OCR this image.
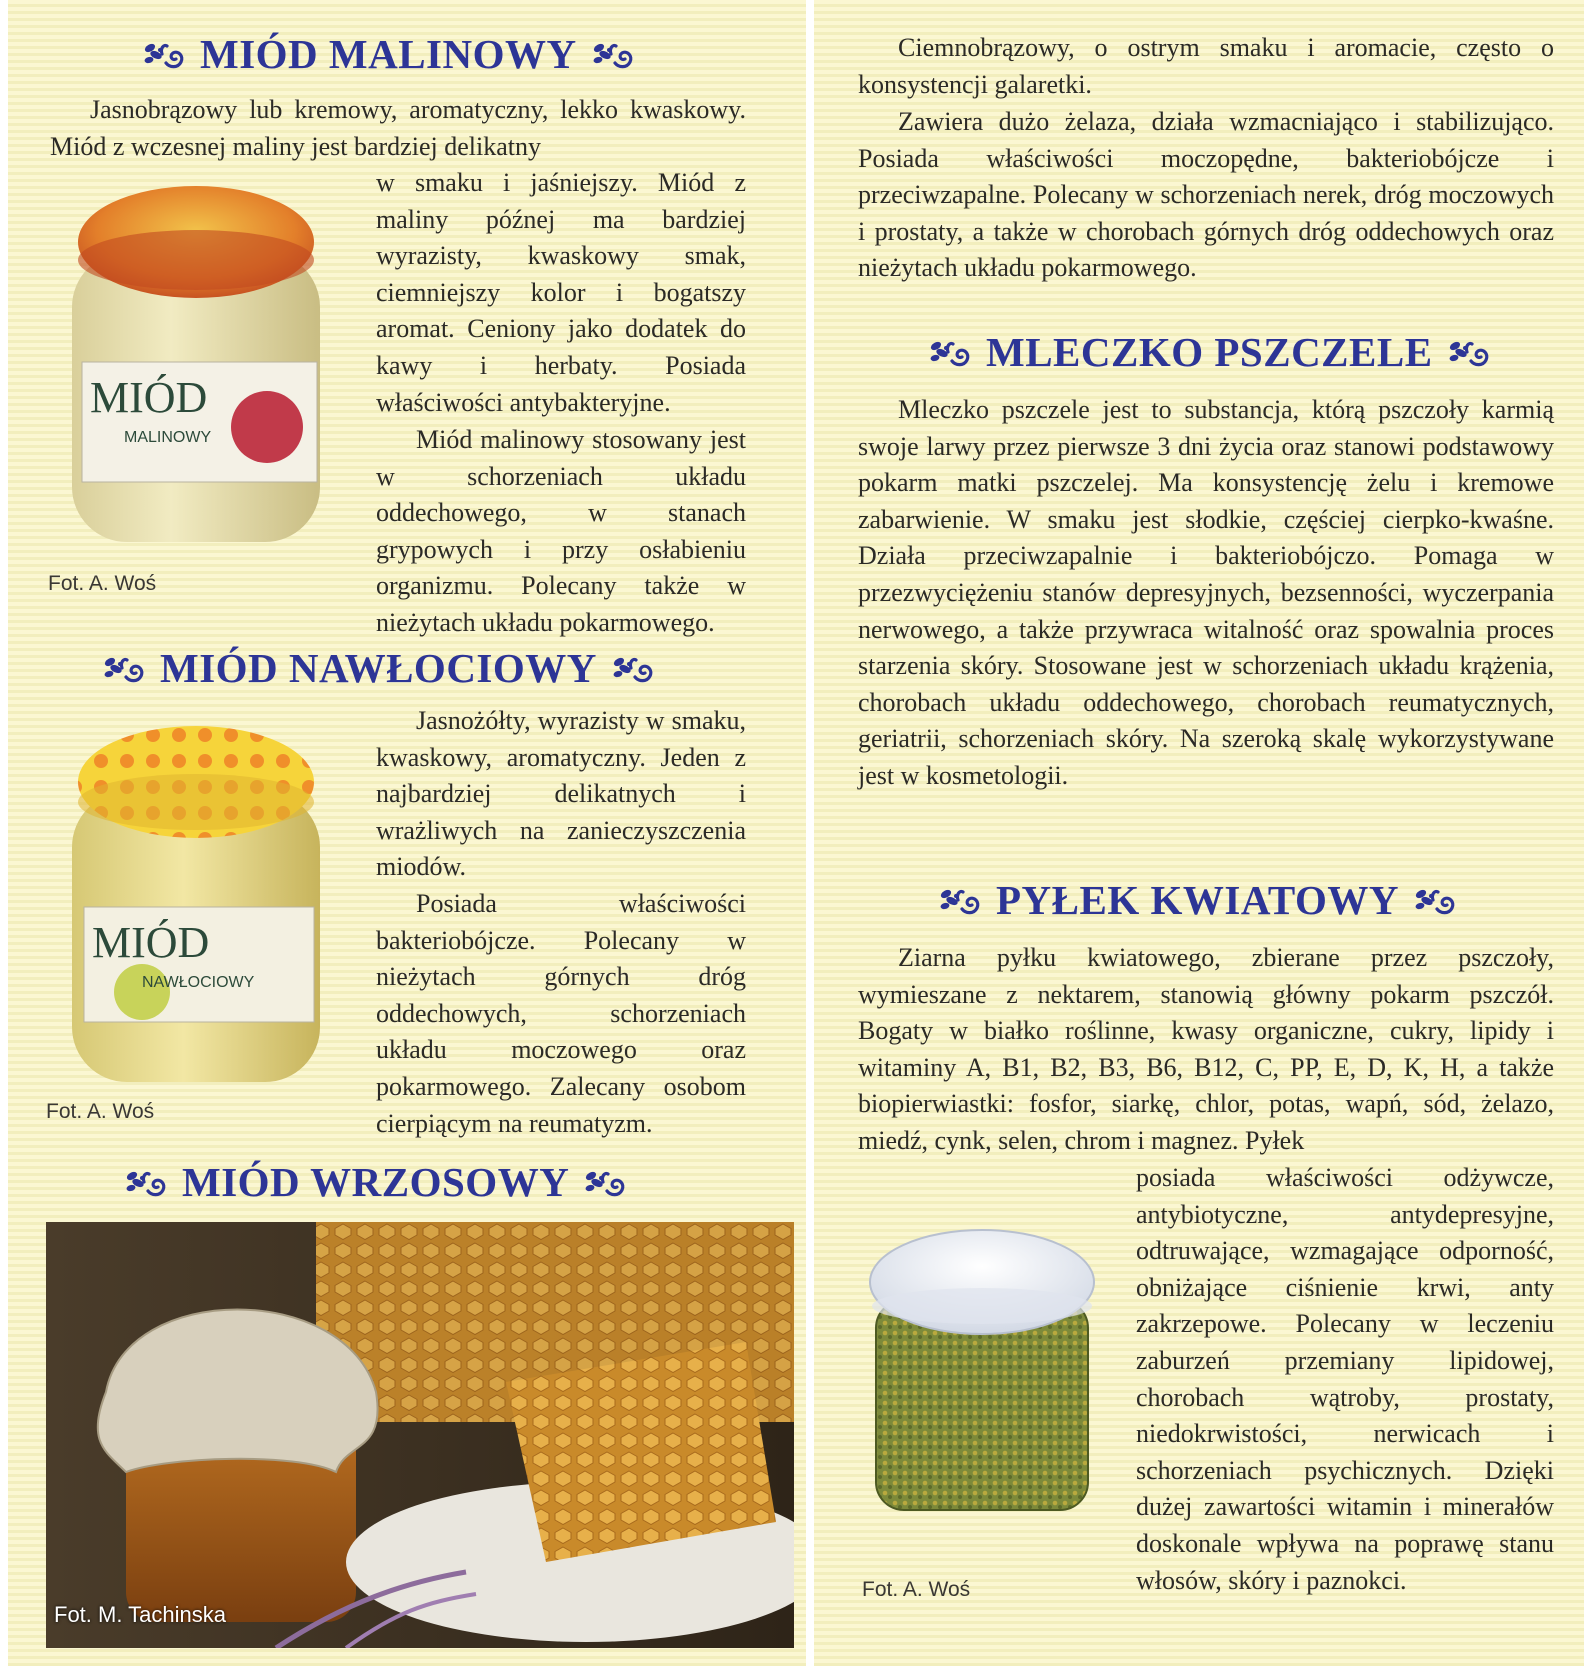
MIÓD MALINOWY

Jasnobrązowy lub kremowy, aromatyczny, lekko kwaskowy. Miód z wczesnej maliny jest bardziej delikatny

w smaku i jaśniejszy. Miód z maliny późnej ma bardziej wyrazisty, kwaskowy smak, ciemniejszy kolor i bogatszy aromat. Ceniony jako dodatek do kawy i herbaty. Posiada właściwości antybakteryjne.

Miód malinowy stosowany jest w schorzeniach układu oddechowego, w stanach grypowych i przy osłabieniu organizmu. Polecany także w nieżytach układu pokarmowego.

MIÓD
MALINOWY

Fot. A. Woś

MIÓD NAWŁOCIOWY

Jasnożółty, wyrazisty w smaku, kwaskowy, aromatyczny. Jeden z najbardziej delikatnych i wrażliwych na zanieczyszczenia miodów.

Posiada właściwości bakteriobójcze. Polecany w nieżytach górnych dróg oddechowych, schorzeniach układu moczowego oraz pokarmowego. Zalecany osobom cierpiącym na reumatyzm.

MIÓD
NAWŁOCIOWY

Fot. A. Woś

MIÓD WRZOSOWY

Fot. M. Tachinska

Ciemnobrązowy, o ostrym smaku i aromacie, często o konsystencji galaretki.

Zawiera dużo żelaza, działa wzmacniająco i stabilizująco. Posiada właściwości moczopędne, bakteriobójcze i przeciwzapalne. Polecany w schorzeniach nerek, dróg moczowych i prostaty, a także w chorobach górnych dróg oddechowych oraz nieżytach układu pokarmowego.

MLECZKO PSZCZELE

Mleczko pszczele jest to substancja, którą pszczoły karmią swoje larwy przez pierwsze 3 dni życia oraz stanowi podstawowy pokarm matki pszczelej. Ma konsystencję żelu i kremowe zabarwienie. W smaku jest słodkie, częściej cierpko-kwaśne. Działa przeciwzapalnie i bakteriobójczo. Pomaga w przezwyciężeniu stanów depresyjnych, bezsenności, wyczerpania nerwowego, a także przywraca witalność oraz spowalnia proces starzenia skóry. Stosowane jest w schorzeniach układu krążenia, chorobach układu oddechowego, chorobach reumatycznych, geriatrii, schorzeniach skóry. Na szeroką skalę wykorzystywane jest w kosmetologii.

PYŁEK KWIATOWY

Ziarna pyłku kwiatowego, zbierane przez pszczoły, wymieszane z nektarem, stanowią główny pokarm pszczół. Bogaty w białko roślinne, kwasy organiczne, cukry, lipidy i witaminy A, B1, B2, B3, B6, B12, C, PP, E, D, K, H, a także biopierwiastki: fosfor, siarkę, chlor, potas, wapń, sód, żelazo, miedź, cynk, selen, chrom i magnez. Pyłek

posiada właściwości odżywcze, antybiotyczne, antydepresyjne, odtruwające, wzmagające odporność, obniżające ciśnienie krwi, anty zakrzepowe. Polecany w leczeniu zaburzeń przemiany lipidowej, chorobach wątroby, prostaty, niedokrwistości, nerwicach i schorzeniach psychicznych. Dzięki dużej zawartości witamin i minerałów doskonale wpływa na poprawę stanu włosów, skóry i paznokci.

Fot. A. Woś
